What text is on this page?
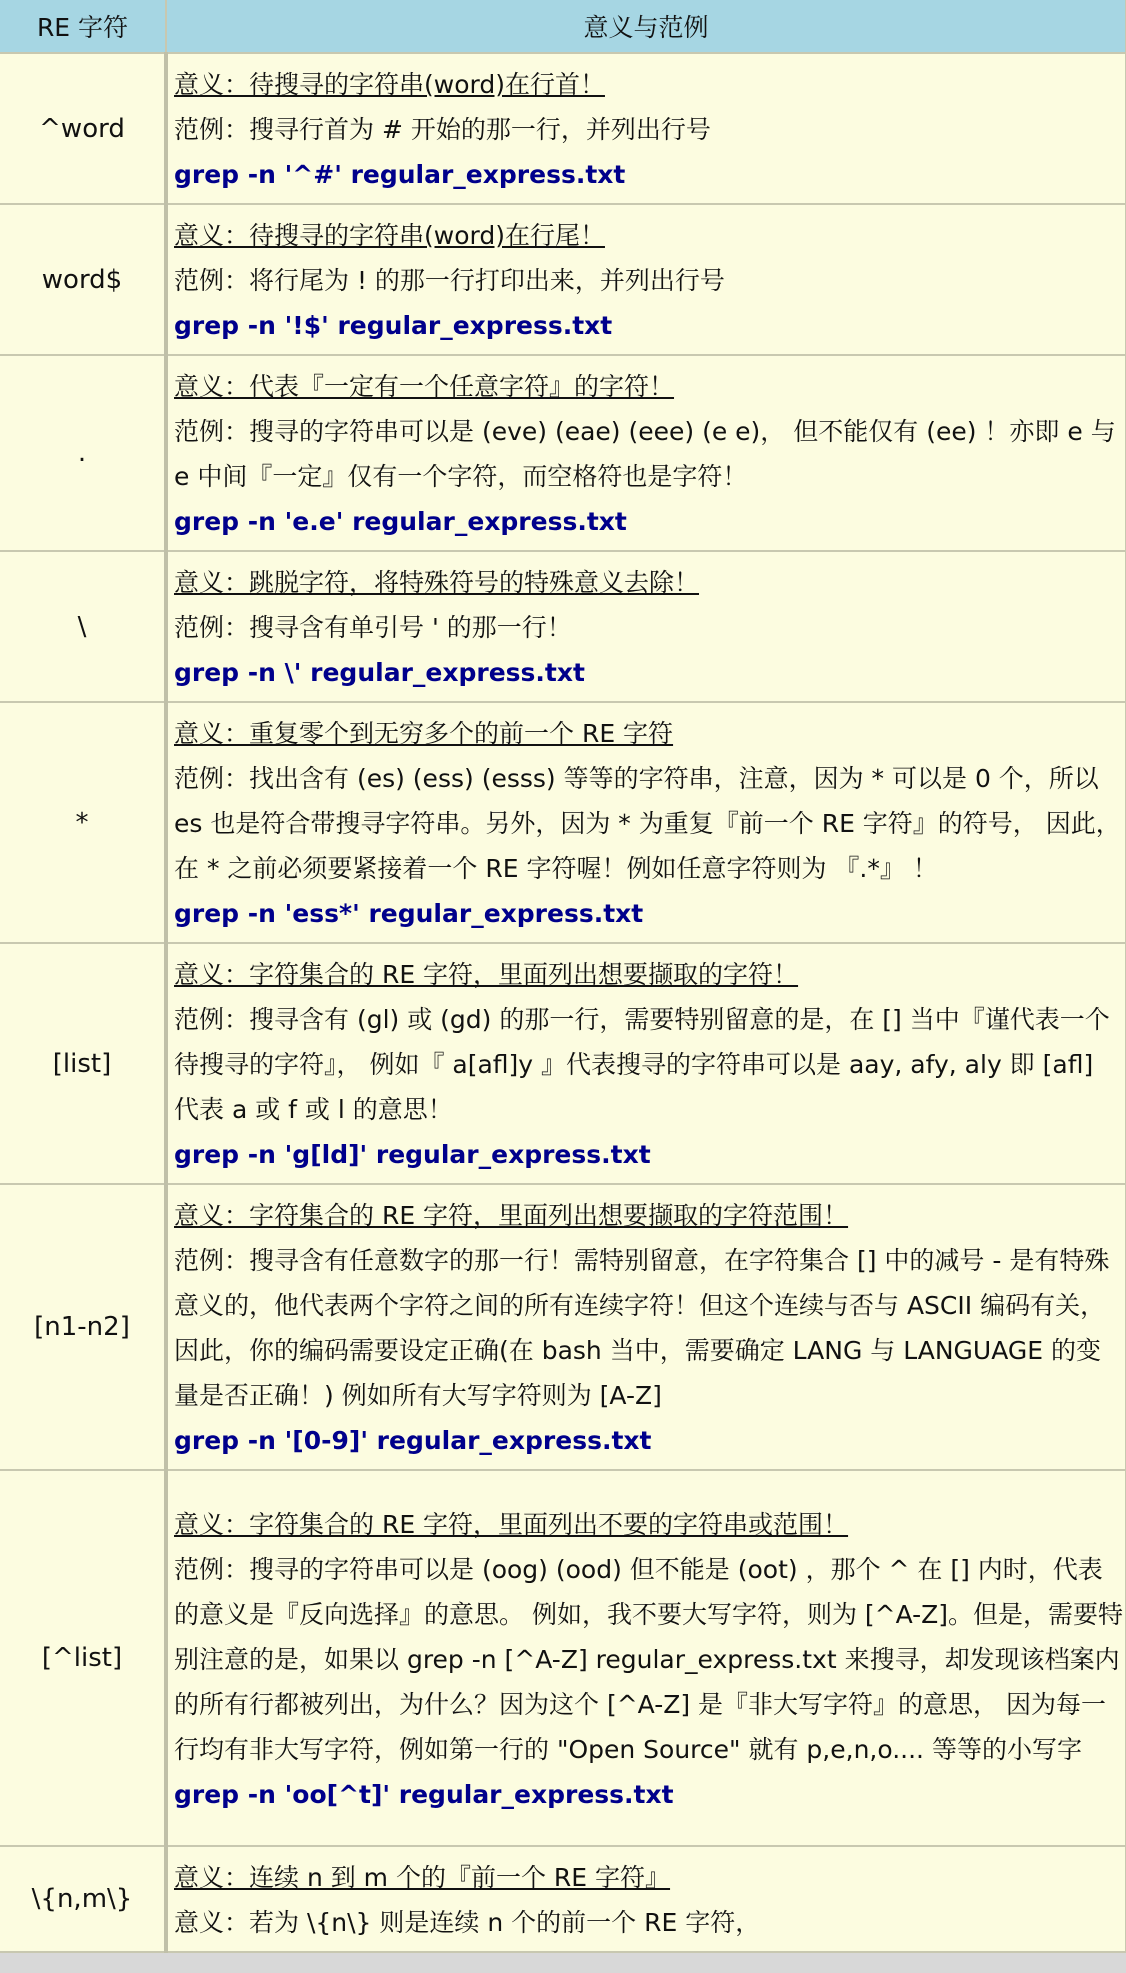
RE 字符	意义与范例
^word	意义：待搜寻的字符串(word)在行首！
范例：搜寻行首为 # 开始的那一行，并列出行号
grep -n '^#' regular_express.txt

word$	意义：待搜寻的字符串(word)在行尾！
范例：将行尾为 ! 的那一行打印出来，并列出行号
grep -n '!$' regular_express.txt

.	意义：代表『一定有一个任意字符』的字符！
范例：搜寻的字符串可以是 (eve) (eae) (eee) (e e)， 但不能仅有 (ee) ！亦即 e 与 e 中间『一定』仅有一个字符，而空格符也是字符！
grep -n 'e.e' regular_express.txt

\	意义：跳脱字符，将特殊符号的特殊意义去除！
范例：搜寻含有单引号 ' 的那一行！
grep -n \' regular_express.txt

*	意义：重复零个到无穷多个的前一个 RE 字符
范例：找出含有 (es) (ess) (esss) 等等的字符串，注意，因为 * 可以是 0 个，所以 es 也是符合带搜寻字符串。另外，因为 * 为重复『前一个 RE 字符』的符号， 因此，在 * 之前必须要紧接着一个 RE 字符喔！例如任意字符则为 『.*』 ！
grep -n 'ess*' regular_express.txt

[list]	意义：字符集合的 RE 字符，里面列出想要撷取的字符！
范例：搜寻含有 (gl) 或 (gd) 的那一行，需要特别留意的是，在 [] 当中『谨代表一个待搜寻的字符』， 例如『 a[afl]y 』代表搜寻的字符串可以是 aay, afy, aly 即 [afl] 代表 a 或 f 或 l 的意思！
grep -n 'g[ld]' regular_express.txt

[n1-n2]	意义：字符集合的 RE 字符，里面列出想要撷取的字符范围！
范例：搜寻含有任意数字的那一行！需特别留意，在字符集合 [] 中的减号 - 是有特殊意义的，他代表两个字符之间的所有连续字符！但这个连续与否与 ASCII 编码有关，因此，你的编码需要设定正确(在 bash 当中，需要确定 LANG 与 LANGUAGE 的变量是否正确！) 例如所有大写字符则为 [A-Z]
grep -n '[0-9]' regular_express.txt

[^list]	意义：字符集合的 RE 字符，里面列出不要的字符串或范围！
范例：搜寻的字符串可以是 (oog) (ood) 但不能是 (oot) ，那个 ^ 在 [] 内时，代表的意义是『反向选择』的意思。 例如，我不要大写字符，则为 [^A-Z]。但是，需要特别注意的是，如果以 grep -n [^A-Z] regular_express.txt 来搜寻，却发现该档案内的所有行都被列出，为什么？因为这个 [^A-Z] 是『非大写字符』的意思， 因为每一行均有非大写字符，例如第一行的 "Open Source" 就有 p,e,n,o.... 等等的小写字
grep -n 'oo[^t]' regular_express.txt

\{n,m\}	意义：连续 n 到 m 个的『前一个 RE 字符』
意义：若为 \{n\} 则是连续 n 个的前一个 RE 字符，
